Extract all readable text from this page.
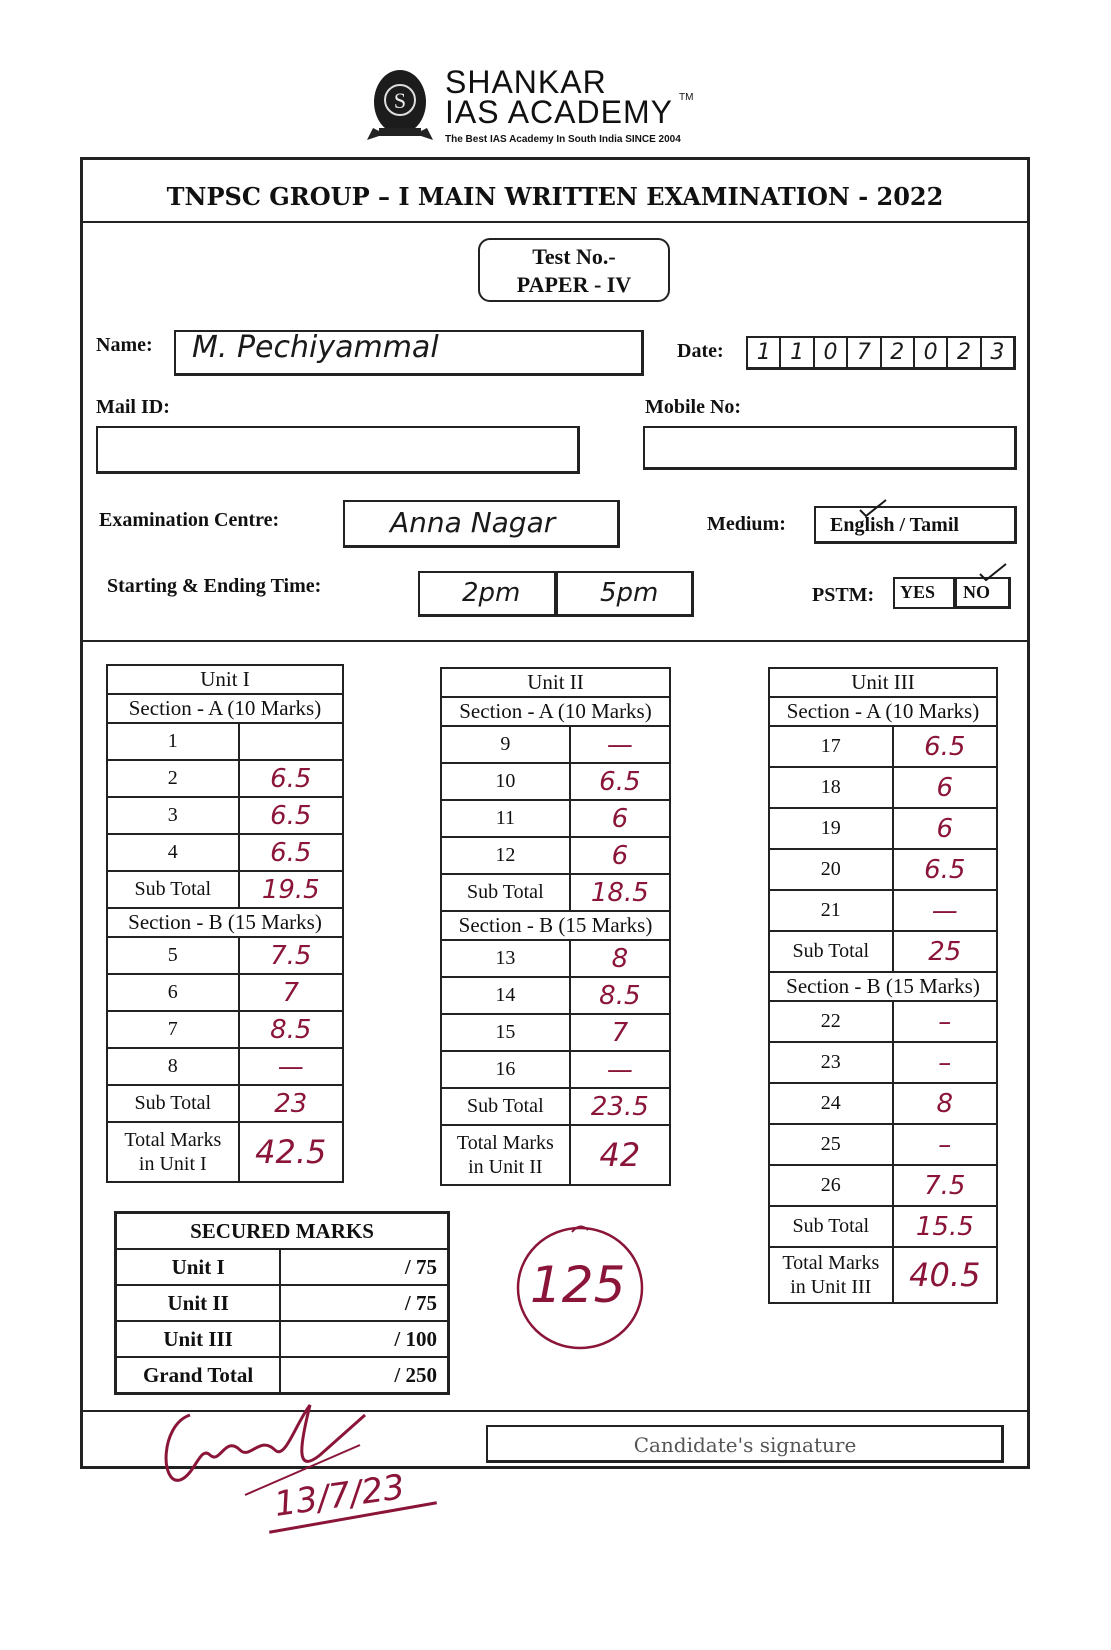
S
SHANKAR
IAS ACADEMY TM
The Best IAS Academy In South India SINCE 2004
TNPSC GROUP – I MAIN WRITTEN EXAMINATION - 2022
Test No.-
PAPER - IV
Name: M. Pechiyammal	Date:	1 1 0 7 2 0 2 3
Mail ID:	Mobile No:
Examination Centre:	Anna Nagar	Medium: English / Tamil
Starting & Ending Time:	2pm	5pm	PSTM: YES NO
Unit I	
Section - A (10 Marks)	
1	
2	6.5
3	6.5
4	6.5
Sub Total	19.5
Section - B (15 Marks)	
5	7.5
6	7
7	8.5
8	—
Sub Total	23
Total Marks
in Unit I	42.5
Unit II	
Section - A (10 Marks)	
9	—
10	6.5
11	6
12	6
Sub Total	18.5
Section - B (15 Marks)	
13	8
14	8.5
15	7
16	—
Sub Total	23.5
Total Marks
in Unit II	42
Unit III	
Section - A (10 Marks)	
17	6.5
18	6
19	6
20	6.5
21	—
Sub Total	25
Section - B (15 Marks)	
22	–
23	–
24	8
25	–
26	7.5
Sub Total	15.5
Total Marks
in Unit III	40.5
SECURED MARKS	
Unit I	/ 75
Unit II	/ 75
Unit III	/ 100
Grand Total	/ 250
125
13/7/23
Candidate's signature
